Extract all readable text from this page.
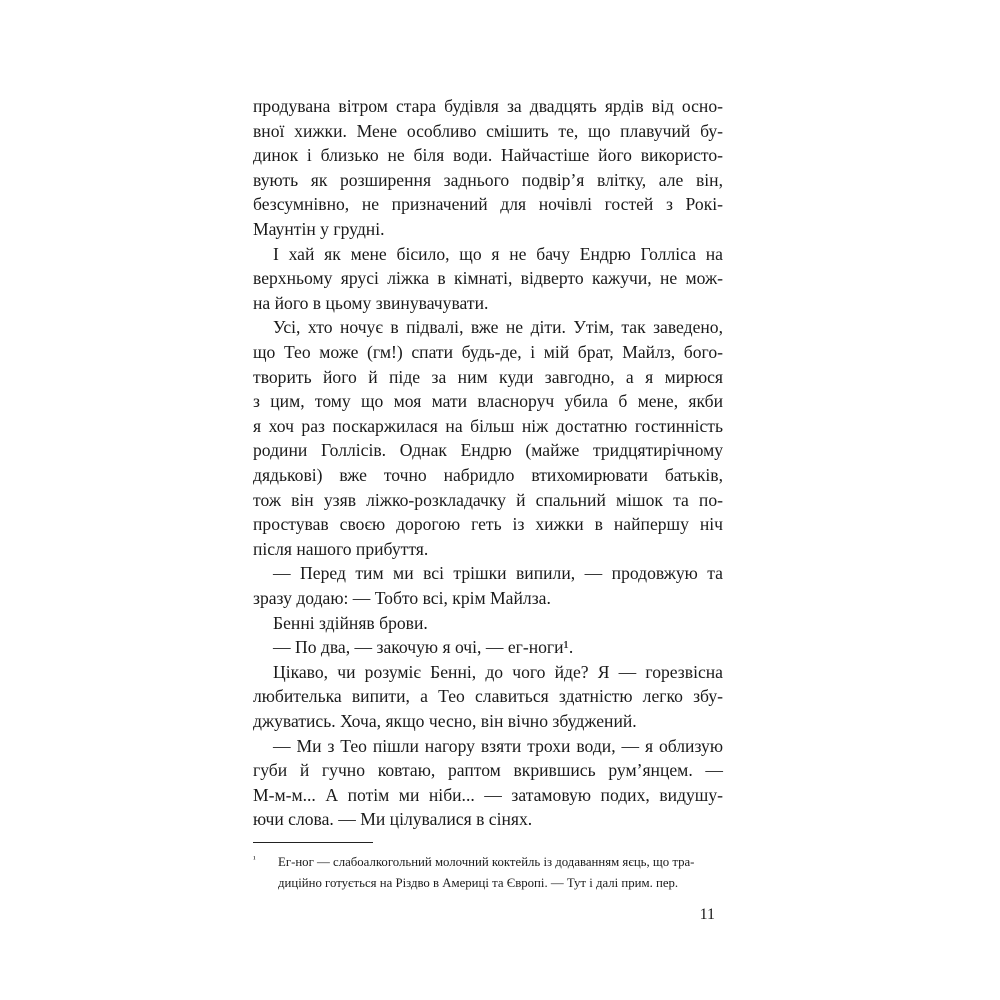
продувана вітром стара будівля за двадцять ярдів від осно-
вної хижки. Мене особливо смішить те, що плавучий бу-
динок і близько не біля води. Найчастіше його використо-
вують як розширення заднього подвір’я влітку, але він,
безсумнівно, не призначений для ночівлі гостей з Рокі-
Маунтін у грудні.
І хай як мене бісило, що я не бачу Ендрю Голліса на
верхньому ярусі ліжка в кімнаті, відверто кажучи, не мож-
на його в цьому звинувачувати.
Усі, хто ночує в підвалі, вже не діти. Утім, так заведено,
що Тео може (гм!) спати будь-де, і мій брат, Майлз, бого-
творить його й піде за ним куди завгодно, а я мирюся
з цим, тому що моя мати власноруч убила б мене, якби
я хоч раз поскаржилася на більш ніж достатню гостинність
родини Голлісів. Однак Ендрю (майже тридцятирічному
дядькові) вже точно набридло втихомирювати батьків,
тож він узяв ліжко-розкладачку й спальний мішок та по-
простував своєю дорогою геть із хижки в найпершу ніч
після нашого прибуття.
— Перед тим ми всі трішки випили, — продовжую та
зразу додаю: — Тобто всі, крім Майлза.
Бенні здійняв брови.
— По два, — закочую я очі, — ег-ноги¹.
Цікаво, чи розуміє Бенні, до чого йде? Я — горезвісна
любителька випити, а Тео славиться здатністю легко збу-
джуватись. Хоча, якщо чесно, він вічно збуджений.
— Ми з Тео пішли нагору взяти трохи води, — я облизую
губи й гучно ковтаю, раптом вкрившись рум’янцем. —
М-м-м... А потім ми ніби... — затамовую подих, видушу-
ючи слова. — Ми цілувалися в сінях.
¹ Ег-ног — слабоалкогольний молочний коктейль із додаванням яєць, що тра-
диційно готується на Різдво в Америці та Європі. — Тут і далі прим. пер.
11
